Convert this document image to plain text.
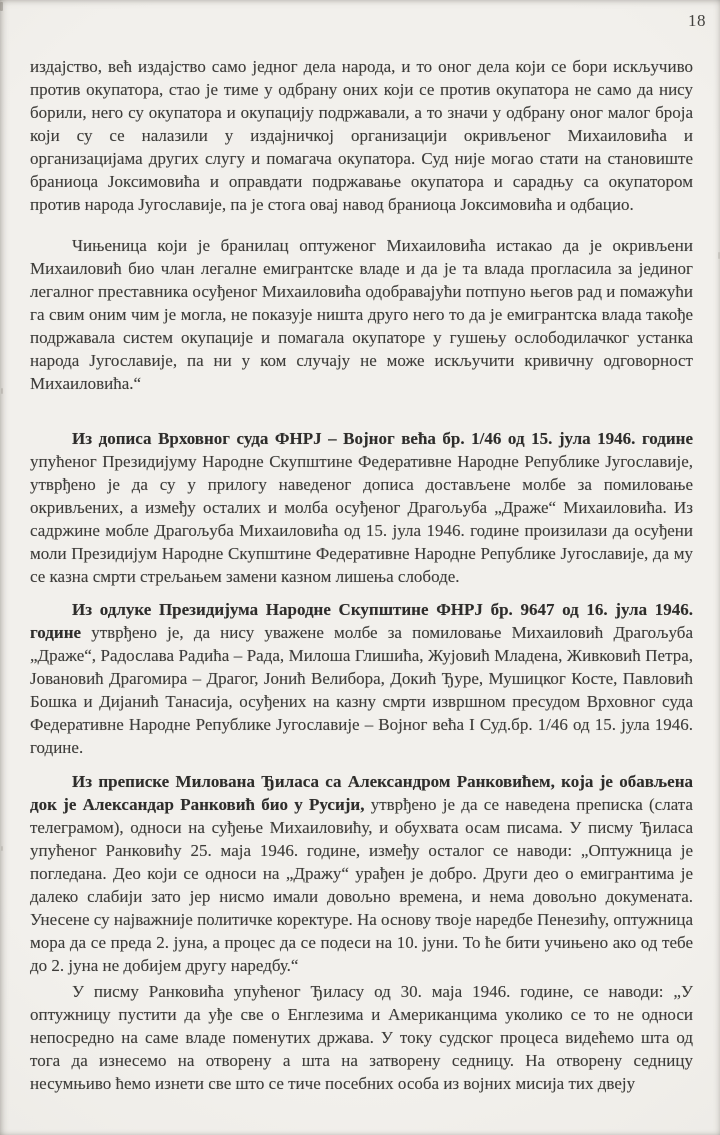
18

издајство, већ издајство само једног дела народа, и то оног дела који се бори искључиво против окупатора, стао је тиме у одбрану оних који се против окупатора не само да нису борили, него су окупатора и окупацију подржавали, а то значи у одбрану оног малог броја који су се налазили у издајничкој организацији окривљеног Михаиловића и организацијама других слугу и помагача окупатора. Суд није могао стати на становиште браниоца Јоксимовића и оправдати подржавање окупатора и сарадњу са окупатором против народа Југославије, па је стога овај навод браниоца Јоксимовића и одбацио.

Чињеница који је бранилац оптуженог Михаиловића истакао да је окривљени Михаиловић био члан легалне емигрантске владе и да је та влада прогласила за јединог легалног преставника осуђеног Михаиловића одобравајући потпуно његов рад и помажући га свим оним чим је могла, не показује ништа друго него то да је емигрантска влада такође подржавала систем окупације и помагала окупаторе у гушењу ослободилачког устанка народа Југославије, па ни у ком случају не може искључити кривичну одговорност Михаиловића.“

Из дописа Врховног суда ФНРЈ – Војног већа бр. 1/46 од 15. јула 1946. године упућеног Президијуму Народне Скупштине Федеративне Народне Републике Југославије, утврђено је да су у прилогу наведеног дописа достављене молбе за помиловање окривљених, а између осталих и молба осуђеног Драгољуба „Драже“ Михаиловића. Из садржине мобле Драгољуба Михаиловића од 15. јула 1946. године произилази да осуђени моли Президијум Народне Скупштине Федеративне Народне Републике Југославије, да му се казна смрти стрељањем замени казном лишења слободе.

Из одлуке Президијума Народне Скупштине ФНРЈ бр. 9647 од 16. јула 1946. године утврђено је, да нису уважене молбе за помиловање Михаиловић Драгољуба „Драже“, Радослава Радића – Рада, Милоша Глишића, Жујовић Младена, Живковић Петра, Јовановић Драгомира – Драгог, Јонић Велибора, Докић Ђуре, Мушицког Косте, Павловић Бошка и Дијанић Танасија, осуђених на казну смрти извршном пресудом Врховног суда Федеративне Народне Републике Југославије – Војног већа I Суд.бр. 1/46 од 15. јула 1946. године.

Из преписке Милована Ђиласа са Александром Ранковићем, која је обављена док је Александар Ранковић био у Русији, утврђено је да се наведена преписка (слата телеграмом), односи на суђење Михаиловићу, и обухвата осам писама. У писму Ђиласа упућеног Ранковићу 25. маја 1946. године, између осталог се наводи: „Оптужница је погледана. Део који се односи на „Дражу“ урађен је добро. Други део о емигрантима је далеко слабији зато јер нисмо имали довољно времена, и нема довољно докумената. Унесене су најважније политичке коректуре. На основу твоје наредбе Пенезићу, оптужница мора да се преда 2. јуна, а процес да се подеси на 10. јуни. То ће бити учињено ако од тебе до 2. јуна не добијем другу наредбу.“

У писму Ранковића упућеног Ђиласу од 30. маја 1946. године, се наводи: „У оптужницу пустити да уђе све о Енглезима и Американцима уколико се то не односи непосредно на саме владе поменутих држава. У току судског процеса видећемо шта од тога да изнесемо на отворену а шта на затворену седницу. На отворену седницу несумњиво ћемо изнети све што се тиче посебних особа из војних мисија тих двеју
